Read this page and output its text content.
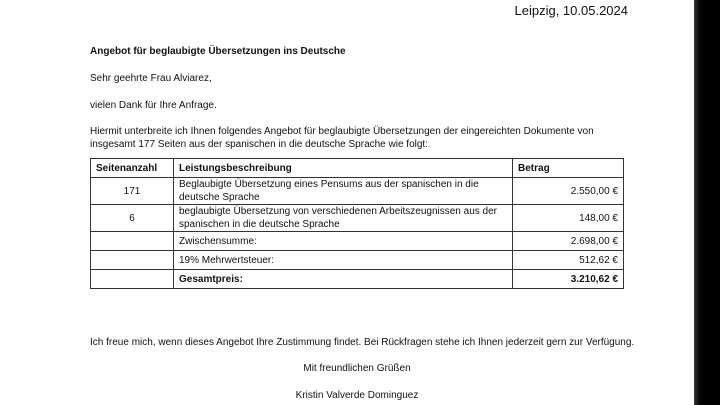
Leipzig, 10.05.2024
Angebot für beglaubigte Übersetzungen ins Deutsche
Sehr geehrte Frau Alviarez,
vielen Dank für Ihre Anfrage.
Hiermit unterbreite ich Ihnen folgendes Angebot für beglaubigte Übersetzungen der eingereichten Dokumente von
insgesamt 177 Seiten aus der spanischen in die deutsche Sprache wie folgt:
Seitenanzahl	Leistungsbeschreibung	Betrag
171	Beglaubigte Übersetzung eines Pensums aus der spanischen in die
deutsche Sprache	2.550,00 €
6	beglaubigte Übersetzung von verschiedenen Arbeitszeugnissen aus der
spanischen in die deutsche Sprache	148,00 €
	Zwischensumme:	2.698,00 €
	19% Mehrwertsteuer:	512,62 €
	Gesamtpreis:	3.210,62 €
Ich freue mich, wenn dieses Angebot Ihre Zustimmung findet. Bei Rückfragen stehe ich Ihnen jederzeit gern zur Verfügung.
Mit freundlichen Grüßen
Kristin Valverde Dominguez
